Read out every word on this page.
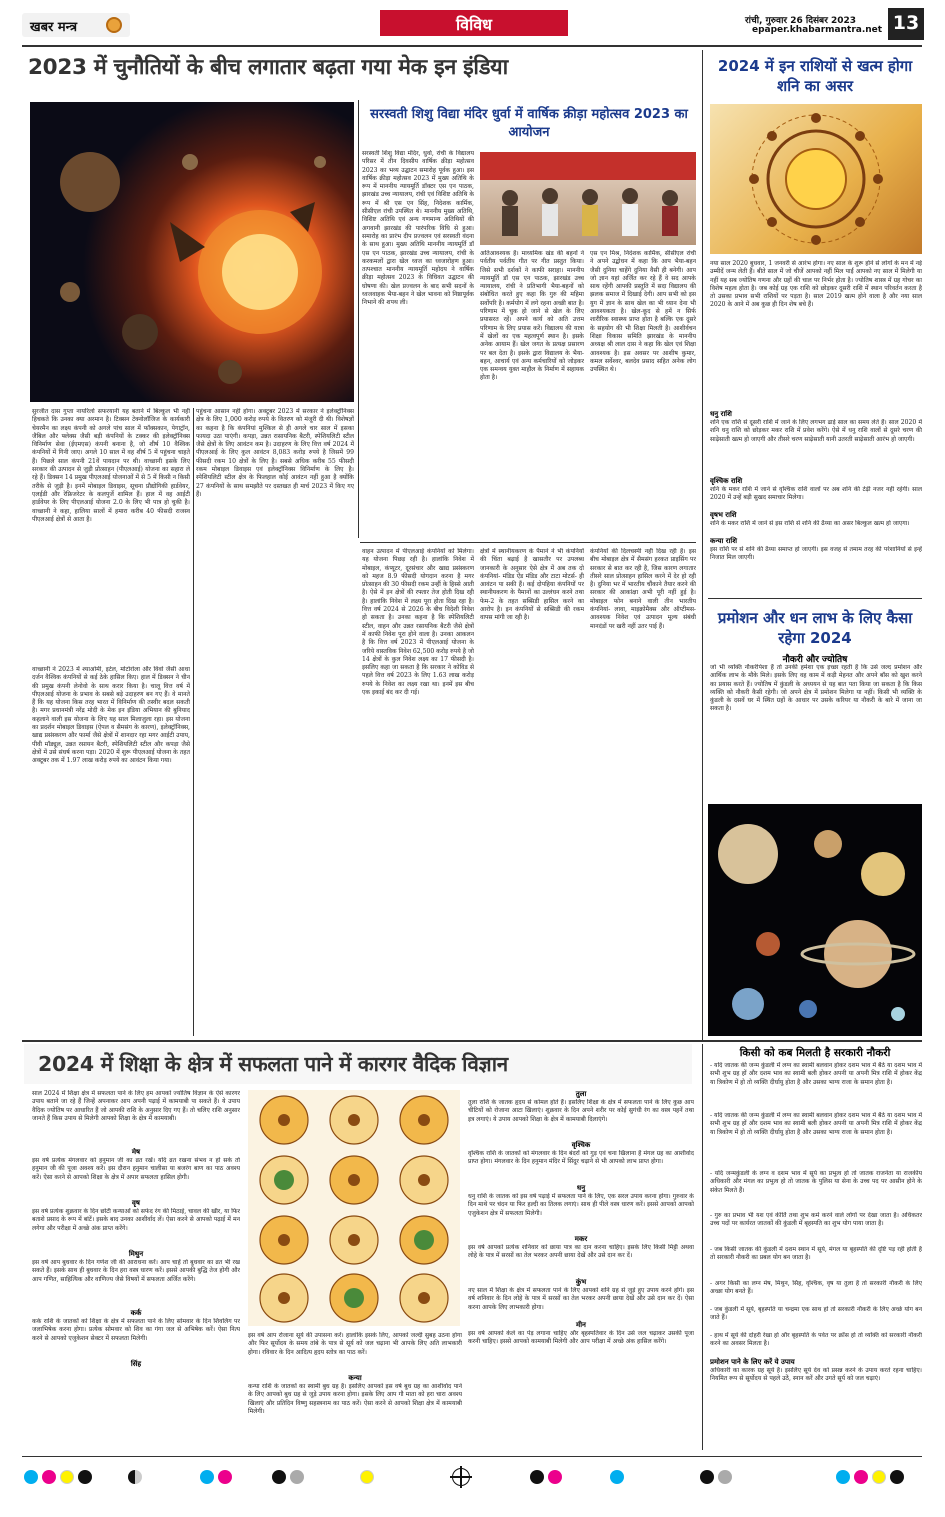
खबर मन्त्र	विविध	रांची, गुरुवार 26 दिसंबर 2023
epaper.khabarmantra.net 13
2023 में चुनौतियों के बीच लगातार बढ़ता गया मेक इन इंडिया
सुरजीत दास गुप्ता नायरिलो सफरयानी यह बताने में बिल्कुल भी नहीं हिचकते कि उनका क्या अरमान है। टिक्सन टेक्नोलॉजिज के कार्यकारी चेयरमैन का लक्ष्य कंपनी को अगले पांच साल में फॉक्सकान, पेगाट्रॉन, जैबिल और फ्लेक्स जैसी बड़ी कंपनियों के टक्कर की इलेक्ट्रॉनिक्स विनिर्माण सेवा (ईएमएस) कंपनी बनाना है, जो शीर्ष 10 वैश्विक कंपनियों में गिनी जाए। अगले 10 साल में वह शीर्ष 5 में पहुंचना चाहते हैं। पिछले साल कंपनी 21वें पायदान पर थी। वाच्छानी इसके लिए सरकार की उत्पादन से जुड़ी प्रोत्साहन (पीएलआई) योजना का सहारा ले रहे हैं। डिक्सन 14 प्रमुख पीएलआई योजनाओं में से 5 में किसी न किसी तरीके से जुड़ी है। इनमें मोबाइल डिवाइस, सूचना प्रौद्योगिकी हार्डवेयर, एलईडी और रेफ्रिजरेटर के कलपुर्जे शामिल हैं। हाल में वह आईटी हार्डवेयर के लिए पीएलआई योजना 2.0 के लिए भी पात्र हो चुकी है। वाच्छानी ने कहा, हालिया सालों में हमारा करीब 40 फीसदी राजस्व पीएलआई क्षेत्रों से आता है।
वाच्छानी ने 2023 में श्याओमी, इटेल, मोटोरोला और विवो जैसी आधा दर्जन वैश्विक कंपनियों से कई ठेके हासिल किए। हाल में डिक्सन ने चीन की प्रमुख कंपनी लेनोवो के साथ करार किया है। चालू वित्त वर्ष में पीएलआई योजना के प्रभाव के सबसे बड़े उदाहरण बन गए हैं। वे मानते हैं कि यह योजना किस तरह भारत में विनिर्माण की तस्वीर बदल सकती है। मगर प्रधानमंत्री नरेंद्र मोदी के मेक इन इंडिया अभियान की बुनियाद कहलाने वाली इस योजना के लिए यह साल मिलाजुला रहा। इस योजना का प्रदर्शन मोबाइल डिवाइस (ऐपल व सैमसंग के कारण), इलेक्ट्रॉनिक्स, खाद्य प्रसंस्करण और फार्मा जैसे क्षेत्रों में शानदार रहा मगर आईटी उपाय, पीवी मॉड्यूल, उन्नत रसायन बैटरी, स्पेशियलिटी स्टील और कपड़ा जैसे क्षेत्रों में उसे संघर्ष करना पड़ा। 2020 में शुरू पीएलआई योजना के तहत अक्टूबर तक में 1.97 लाख करोड़ रुपये का आवंटन किया गया।
पहुंचना आसान नहीं होगा। अक्टूबर 2023 में सरकार ने इलेक्ट्रॉनिक्स क्षेत्र के लिए 1,000 करोड़ रुपये के वितरण को मंजूरी दी थी। विशेषज्ञों का कहना है कि कंपनियां मुश्किल से ही अगले चार साल में इसका फायदा उठा पाएंगी। कपड़ा, उन्नत रासायनिक बैटरी, स्पेशियलिटी स्टील जैसे क्षेत्रों के लिए आवंटन कम है। उदाहरण के लिए वित्त वर्ष 2024 में पीएलआई के लिए कुल आवंटन 8,083 करोड़ रुपये है जिसमें 99 फीसदी रकम 10 क्षेत्रों के लिए है। सबसे अधिक करीब 55 फीसदी रकम मोबाइल डिवाइस एवं इलेक्ट्रॉनिक्स विनिर्माण के लिए है। स्पेशियलिटी स्टील क्षेत्र के फिलहाल कोई आवंटन नहीं हुआ है क्योंकि 27 कंपनियों के साथ समझौते पर दस्तखत ही मार्च 2023 में किए गए हैं।
सरस्वती शिशु विद्या मंदिर धुर्वा में वार्षिक क्रीड़ा महोत्सव 2023 का आयोजन
सरस्वती शिशु विद्या मंदिर, धुर्वा, रांची के विद्यालय परिसर में तीन दिवसीय वार्षिक क्रीड़ा महोत्सव 2023 का भव्य उद्घाटन समारोह पूर्वक हुआ। इस वार्षिक क्रीड़ा महोत्सव 2023 में मुख्य अतिथि के रूप में माननीय न्यायमूर्ति डॉक्टर एस एन पाठक, झारखंड उच्च न्यायालय, रांची एवं विशिष्ट अतिथि के रूप में श्री एस एन सिंह, निदेशक कार्मिक, सीसीएल रांची उपस्थित थे। माननीय मुख्य अतिथि, विशिष्ट अतिथि एवं अन्य गणमान्य अतिथियों की अगवानी झारखंड की पारंपरिक विधि से हुआ। समारोह का प्रारंभ दीप प्रज्वलन एवं सरस्वती वंदना के साथ हुआ। मुख्य अतिथि माननीय न्यायमूर्ति डॉ एस एन पाठक, झारखंड उच्च न्यायालय, रांची के करकमलों द्वारा खेल ध्वज का ध्वजारोहण हुआ। तत्पश्चात माननीय न्यायमूर्ति महोदय ने वार्षिक क्रीड़ा महोत्सव 2023 के विधिवत उद्घाटन की घोषणा की। खेल प्रज्वलन के बाद सभी सदनों के ध्वजवाहक भैया-बहन ने खेल भावना को निष्ठापूर्वक निभाने की शपथ ली।
अतिआवश्यक है। माध्यमिक खंड की बहनों ने पर्वतीय पर्वतीय गीत पर गीत प्रस्तुत किया। जिसे सभी दर्शकों ने काफी सराहा। माननीय न्यायमूर्ति डॉ एस एन पाठक, झारखंड उच्च न्यायालय, रांची ने प्रतिभागी भैया-बहनों को संबोधित करते हुए कहा कि गुरु की महिमा सर्वोपरि है। कर्मयोग में लगे रहना अच्छी बात है। परिणाम में चुक हो जाने से खेल के लिए प्रयासरत रहें। अपने कार्य को अति उत्तम परिणाम के लिए प्रयास करें। विद्यालय की यात्रा में खेलों का एक महत्वपूर्ण स्थान है। इसके अनेक आयाम हैं। खेल जगत के प्रत्यक्ष प्रसारण पर बल देता है। इसके द्वारा विद्यालय के भैया-बहन, आचार्य एवं अन्य कर्मचारियों को जोड़कर एक समन्वय युक्त माहौल के निर्माण में सहायक होता है।
एस एन मिश्र, निदेशक कार्मिक, सीसीएल रांची ने अपने उद्बोधन में कहा कि आप भैया-बहन जैसी दुनिया चाहेंगे दुनिया वैसी ही बनेगी। आप जो ज्ञान यहां अर्जित कर रहे हैं वे सद आपके साथ रहेंगी आपकी प्रस्तुति में सदा विद्यालय की झलक समाज में दिखाई देगी। आप सभी को इस युग में ज्ञान के साथ खेल का भी ध्यान देना भी आवश्यकता है। खेल-कूद से हमें न सिर्फ शारीरिक स्वास्थ्य प्राप्त होता है बल्कि एक दूसरे के सहयोग की भी शिक्षा मिलती है। आशीर्वचन शिक्षा विकास समिति झारखंड के माननीय अध्यक्ष श्री लाल दास ने कहा कि खेल एवं शिक्षा आवश्यक है। इस अवसर पर आशीष कुमार, कमल सर्वेश्वर, बलदेव प्रसाद सहित अनेक लोग उपस्थित थे।
वाहन उत्पादन में पीएलआई कंपनियों को मिलेगा। यह योजना पिछड़ रही है। हालांकि निवेश में मोबाइल, कंप्यूटर, दूरसंचार और खाद्य प्रसंस्करण को महज 8.9 फीसदी योगदान करना है मगर प्रोत्साहन की 30 फीसदी रकम उन्हीं के हिस्से आती है। ऐसे में इन क्षेत्रों की रफ्तार तेज होती दिख रही है। हालांकि निवेश में लक्ष्य पूरा होता दिख रहा है। वित्त वर्ष 2024 से 2026 के बीच विदेशी निवेश हो सकता है। उनका कहना है कि स्पेशियलिटी स्टील, वाहन और उन्नत रसायनिक बैटरी जैसे क्षेत्रों में काफी निवेश पूरा होने वाला है। उनका आकलन है कि वित्त वर्ष 2023 में पीएलआई योजना के जरिये वास्तविक निवेश 62,500 करोड़ रुपये है जो 14 क्षेत्रों के कुल निवेश लक्ष्य का 17 फीसदी है। इसलिए कहा जा सकता है कि सरकार ने कोविड से पहले वित्त वर्ष 2023 के लिए 1.63 लाख करोड़ रुपये के निवेश का लक्ष्य रखा था। इनमें इस बीच एक इकाई बंद कर दी गई।
क्षेत्रों में स्थानीयकरण के पैमाने ने भी कंपनियों की चिंता बढ़ाई है खासतौर पर उपलब्ध जानकारी के अनुसार ऐसे क्षेत्र में अब तक दो कंपनियां- मंडिड ऐंड मंडिड और टाटा मोटर्स- ही आवंटन पा सकी हैं। कई दोपहिया कंपनियों पर स्थानीयकरण के पैमानों का उल्लंघन करने तथा फेम-2 के तहत सब्सिडी हासिल करने का आरोप है। इन कंपनियों से सब्सिडी की रकम वापस मांगी जा रही है।
कंपनियों की दिलचस्पी नहीं दिख रही है। इस बीच मोबाइल क्षेत्र में सैमसंग हरकत प्राइसिंग पर सरकार से बात कर रही है, जिस कारण लगातार तीसरे साल प्रोत्साहन हासिल करने में देर हो रही है। दुनिया भर में भारतीय चौंकाने तैयार करने की सरकार की आकांक्षा अभी पूरी नहीं हुई है। मोबाइल फोन बनाने वाली तीन भारतीय कंपनियां- लावा, माइक्रोमैक्स और ऑप्टीमस- आवश्यक निवेश एवं उत्पादन मूल्य संबंधी मानदंडों पर खरी नहीं उतर पाई हैं।
2024 में इन राशियों से खत्म होगा शनि का असर
नया साल 2020 बुधवार, 1 जनवरी से आरंभ होगा। नए साल के शुरू होने से लोगों के मन में नई उम्मीदें जन्म लेती हैं। बीते साल में जो चीजें आपको नहीं मिल पाईं आपको नए साल में मिलेगी या नहीं यह सब ज्योतिष गणना और ग्रहों की चाल पर निर्भर होता है। ज्योतिष शास्त्र में ग्रह गोचर का विशेष महत्व होता है। जब कोई ग्रह एक राशि को छोड़कर दूसरी राशि में स्थान परिवर्तन करता है तो उसका प्रभाव सभी राशियों पर पड़ता है। साल 2019 खत्म होने वाला है और नया साल 2020 के आने में अब कुछ ही दिन शेष बचे हैं।
धनु राशि
शनि एक राशि से दूसरी राशि में जाने के लिए लगभग ढाई साल का समय लेते हैं। साल 2020 में शनि धनु राशि को छोड़कर मकर राशि में प्रवेश करेंगे। ऐसे में धनु राशि वालों से दूसरे चरण की साढ़ेसाती खत्म हो जाएगी और तीसरे चरण साढ़ेसाती यानी उतरती साढ़ेसाती आरंभ हो जाएगी।
वृश्चिक राशि
शनि के मकर राशि में जाने से वृश्चिक राशि वालों पर अब शनि की टेढ़ी नजर नहीं रहेगी। साल 2020 में उन्हें बड़ी सुखद समाचार मिलेगा।
वृषभ राशि
शनि के मकर राशि में जाने से इस राशि से शनि की ढैय्या का असर बिल्कुल खत्म हो जाएगा।
कन्या राशि
इस राशि पर से शनि की ढैय्या समाप्त हो जाएगी। इस वजह से तमाम तरह की परेशानियों से इन्हें निजात मिल जाएगी।
प्रमोशन और धन लाभ के लिए कैसा रहेगा 2024
नौकरी और ज्योतिष
जो भी व्यक्ति नौकरीपेशा हैं तो उनकी हमेशा एक इच्छा रहती है कि उसे जल्द प्रमोशन और आर्थिक लाभ के मौके मिले। इसके लिए वह काम में कड़ी मेहनत और अपने बॉस को खुश करने का प्रयास करते हैं। ज्योतिष में कुंडली के अध्ययन से यह बात पता किया जा सकता है कि किस व्यक्ति को नौकरी कैसी रहेगी। जो अपने क्षेत्र में प्रमोशन मिलेगा या नहीं। किसी भी व्यक्ति के कुंडली के दसवें घर में स्थित ग्रहों के आधार पर उसके करियर या नौकरी के बारे में जाना जा सकता है।
2024 में शिक्षा के क्षेत्र में सफलता पाने में कारगर वैदिक विज्ञान
साल 2024 में शिक्षा क्षेत्र में सफलता पाने के लिए हम आपको ज्योतिष विज्ञान के ऐसे कारगर उपाय बताने जा रहे हैं जिन्हें अपनाकर आप अपनी पढ़ाई में कामयाबी पा सकते हैं। ये उपाय वैदिक ज्योतिष पर आधारित हैं जो आपकी राशि के अनुसार दिए गए हैं। तो चलिए राशि अनुसार जानते हैं किस उपाय से मिलेगी आपको शिक्षा के क्षेत्र में कामयाबी।
मेष
इस वर्ष प्रत्येक मंगलवार को हनुमान जी का व्रत रखें। यदि व्रत रखना संभव न हो सके तो हनुमान जी की पूजा अवश्य करें। इस दौरान हनुमान चालीसा या बजरंग बाण का पाठ अवश्य करें। ऐसा करने से आपको शिक्षा के क्षेत्र में अपार सफलता हासिल होगी।
वृष
इस वर्ष प्रत्येक शुक्रवार के दिन छोटी कन्याओं को सफेद रंग की मिठाई, चावल की खीर, या फिर बताशे प्रसाद के रूप में बांटें। इसके बाद उनका आशीर्वाद लें। ऐसा करने से आपको पढ़ाई में मन लगेगा और परीक्षा में अच्छे अंक प्राप्त करेंगे।
मिथुन
इस वर्ष आप बुधवार के दिन गणेश जी की आराधना करें। आप चाहें तो बुधवार का व्रत भी रख सकते हैं। इसके साथ ही बुधवार के दिन हरा वस्त्र धारण करें। इससे आपकी बुद्धि तेज होगी और आप गणित, साहित्यिक और वाणिज्य जैसे विषयों में सफलता अर्जित करेंगे।
कर्क
कर्क राशि के जातकों को शिक्षा के क्षेत्र में सफलता पाने के लिए सोमवार के दिन शिवलिंग पर जलाभिषेक करना होगा। प्रत्येक सोमवार को शिव का गंगा जल से अभिषेक करें। ऐसा नित्य करने से आपको एजुकेशन सेक्टर में सफलता मिलेगी।
सिंह
इस वर्ष आप रोजाना सूर्य की उपासना करें। हालांकि इसके लिए, आपको जल्दी सुबह उठना होगा और फिर सूर्योदय के समय तांबे के पात्र से सूर्य को जल चढ़ाना भी आपके लिए अति लाभकारी होगा। रविवार के दिन आदित्य हृदय स्तोत्र का पाठ करें।
कन्या
कन्या राशि के जातकों का स्वामी बुध ग्रह है। इसलिए आपको इस वर्ष बुध ग्रह का आशीर्वाद पाने के लिए आपको बुध ग्रह से जुड़े उपाय करना होगा। इसके लिए आप गौ माता को हरा चारा अवश्य खिलाएं और प्रतिदिन विष्णु सहस्त्रनाम का पाठ करें। ऐसा करने से आपको शिक्षा क्षेत्र में कामयाबी मिलेगी।
तुला
तुला राशि के जातक हृदय से कोमल होते हैं। इसलिए शिक्षा के क्षेत्र में सफलता पाने के लिए कुछ आप चीटियों को रोजाना आटा खिलाएं। शुक्रवार के दिन अपने शरीर पर कोई सुगंधी रंग का वस्त्र पहनें तथा इत्र लगाएं। ये उपाय आपको शिक्षा के क्षेत्र में कामयाबी दिलाएंगे।
वृश्चिक
वृश्चिक राशि के जातकों को मंगलवार के दिन बंदरों को गुड़ एवं चना खिलाना है मंगल ग्रह का आशीर्वाद प्राप्त होगा। मंगलवार के दिन हनुमान मंदिर में सिंदूर चढ़ाने से भी आपको लाभ प्राप्त होगा।
धनु
धनु राशि के जातक को इस वर्ष पढ़ाई में सफलता पाने के लिए, एक सरल उपाय करना होगा। गुरुवार के दिन माथे पर चंदन या फिर हल्दी का तिलक लगाएं। साथ ही पीले वस्त्र धारण करें। इससे आपको आपको एजुकेशन क्षेत्र में सफलता मिलेगी।
मकर
इस वर्ष आपको प्रत्येक शनिवार को छाया पात्र का दान करना चाहिए। इसके लिए किसी मिट्टी अथवा लोहे के पात्र में सरसों का तेल भरकर अपनी छाया देखें और उसे दान कर दें।
कुंभ
नए साल में शिक्षा के क्षेत्र में सफलता पाने के लिए आपको शनि ग्रह से जुड़े हुए उपाय करने होंगे। इस वर्ष शनिवार के दिन लोहे के पात्र में सरसों का तेल भरकर अपनी छाया देखें और उसे दान कर दें। ऐसा करना आपके लिए लाभकारी होगा।
मीन
इस वर्ष आपको केले का पेड़ लगाना चाहिए और बृहस्पतिवार के दिन उसे जल चढ़ाकर उसकी पूजा करनी चाहिए। इससे आपको कामयाबी मिलेगी और आप परीक्षा में अच्छे अंक हासिल करेंगे।
किसी को कब मिलती है सरकारी नौकरी
- यदि जातक की जन्म कुंडली में लग्न का स्वामी बलवान होकर दशम भाव में बैठे या दशम भाव में सभी शुभ ग्रह हों और दशम भाव का स्वामी बली होकर अपनी या अपनी मित्र राशि में होकर केंद्र या त्रिकोण में हो तो व्यक्ति दीर्घायु होता है और उसका भाग्य राजा के समान होता है।
- यदि जातक की जन्म कुंडली में लग्न का स्वामी बलवान होकर दशम भाव में बैठे या दशम भाव में सभी शुभ ग्रह हों और दशम भाव का स्वामी बली होकर अपनी या अपनी मित्र राशि में होकर केंद्र या त्रिकोण में हो तो व्यक्ति दीर्घायु होता है और उसका भाग्य राजा के समान होता है।
- यदि जन्मकुंडली के लग्न व दशम भाव में सूर्य का प्रभुत्व हो तो जातक राजनेता या राजकीय अधिकारी और मंगल का प्रभुत्व हो तो जातक के पुलिस या सेना के उच्च पद पर आसीन होने के संकेत मिलते हैं।
- गुरु का प्रभाव भी यश एवं कीर्ति तथा शुभ कर्म करने वाले लोगों पर देखा जाता है। अधिकतर उच्च पदों पर कार्यरत जातकों की कुंडली में बृहस्पति का शुभ योग पाया जाता है।
- जब किसी जातक की कुंडली में दशम स्थान में सूर्य, मंगल या बृहस्पति की दृष्टि पड़ रही होती है तो सरकारी नौकरी का प्रबल योग बन जाता है।
- अगर किसी का लग्न मेष, मिथुन, सिंह, वृश्चिक, वृष या तुला है तो सरकारी नौकरी के लिए अच्छा योग बनते हैं।
- जब कुंडली में सूर्य, बृहस्पति या चन्द्रमा एक साथ हो तो सरकारी नौकरी के लिए अच्छे योग बन जाते हैं।
- हाथ में सूर्य की दोहरी रेखा हो और बृहस्पति के पर्वत पर क्रॉस हो तो व्यक्ति को सरकारी नौकरी करने का अवसर मिलता है।
प्रमोशन पाने के लिए करें ये उपाय
अधिकारी का कारक ग्रह सूर्य है। इसलिए सूर्य देव को प्रसन्न करने के उपाय करते रहना चाहिए। नियमित रूप से सूर्योदय से पहले उठें, स्नान करें और उगते सूर्य को जल चढ़ाएं।
